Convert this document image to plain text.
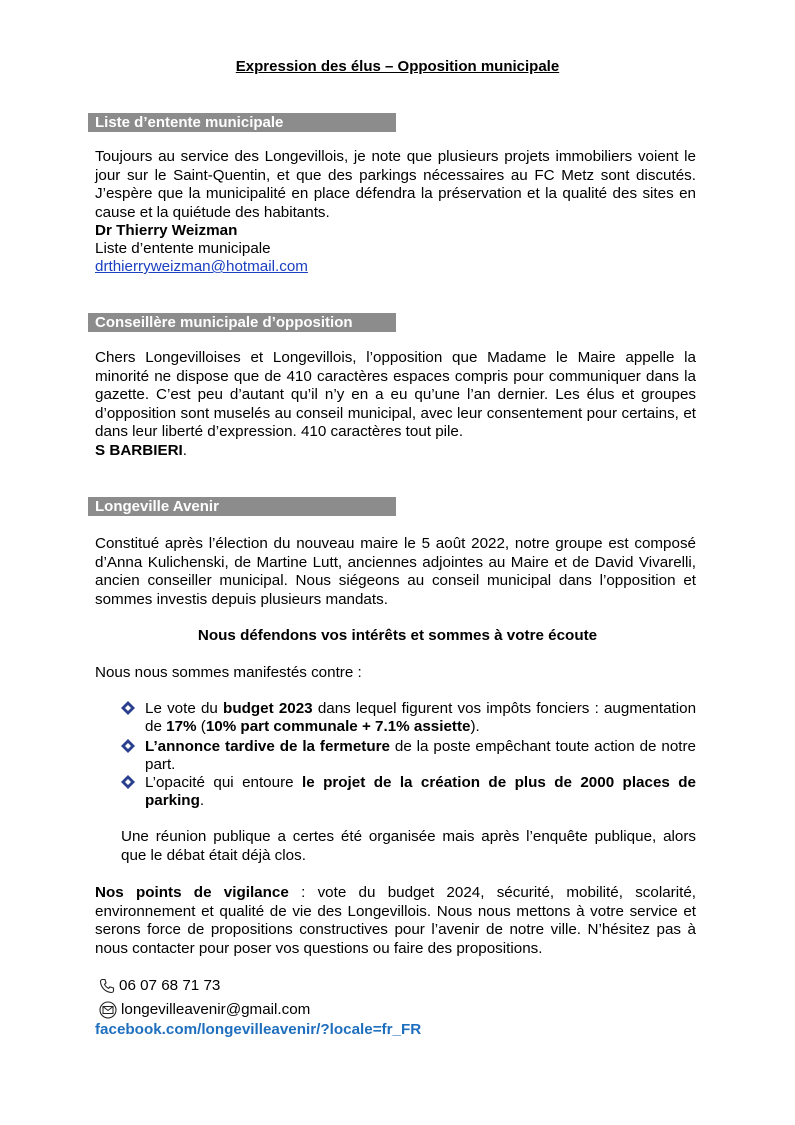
Expression des élus – Opposition municipale
Liste d’entente municipale

Toujours au service des Longevillois, je note que plusieurs projets immobiliers voient le jour sur le Saint-Quentin, et que des parkings nécessaires au FC Metz sont discutés. J’espère que la municipalité en place défendra la préservation et la qualité des sites en cause et la quiétude des habitants.

Dr Thierry Weizman

Liste d’entente municipale

drthierryweizman@hotmail.com
Conseillère municipale d’opposition

Chers Longevilloises et Longevillois, l’opposition que Madame le Maire appelle la minorité ne dispose que de 410 caractères espaces compris pour communiquer dans la gazette. C’est peu d’autant qu’il n’y en a eu qu’une l’an dernier. Les élus et groupes d’opposition sont muselés au conseil municipal, avec leur consentement pour certains, et dans leur liberté d’expression. 410 caractères tout pile.

S BARBIERI.

Longeville Avenir

Constitué après l’élection du nouveau maire le 5 août 2022, notre groupe est composé d’Anna Kulichenski, de Martine Lutt, anciennes adjointes au Maire et de David Vivarelli, ancien conseiller municipal. Nous siégeons au conseil municipal dans l’opposition et sommes investis depuis plusieurs mandats.

Nous défendons vos intérêts et sommes à votre écoute

Nous nous sommes manifestés contre :

Le vote du budget 2023 dans lequel figurent vos impôts fonciers : augmentation de 17% (10% part communale + 7.1% assiette).
L’annonce tardive de la fermeture de la poste empêchant toute action de notre part.
L’opacité qui entoure le projet de la création de plus de 2000 places de parking.

Une réunion publique a certes été organisée mais après l’enquête publique, alors que le débat était déjà clos.

Nos points de vigilance : vote du budget 2024, sécurité, mobilité, scolarité, environnement et qualité de vie des Longevillois. Nous nous mettons à votre service et serons force de propositions constructives pour l’avenir de notre ville. N’hésitez pas à nous contacter pour poser vos questions ou faire des propositions.

06 07 68 71 73
longevilleavenir@gmail.com
facebook.com/longevilleavenir/?locale=fr_FR
